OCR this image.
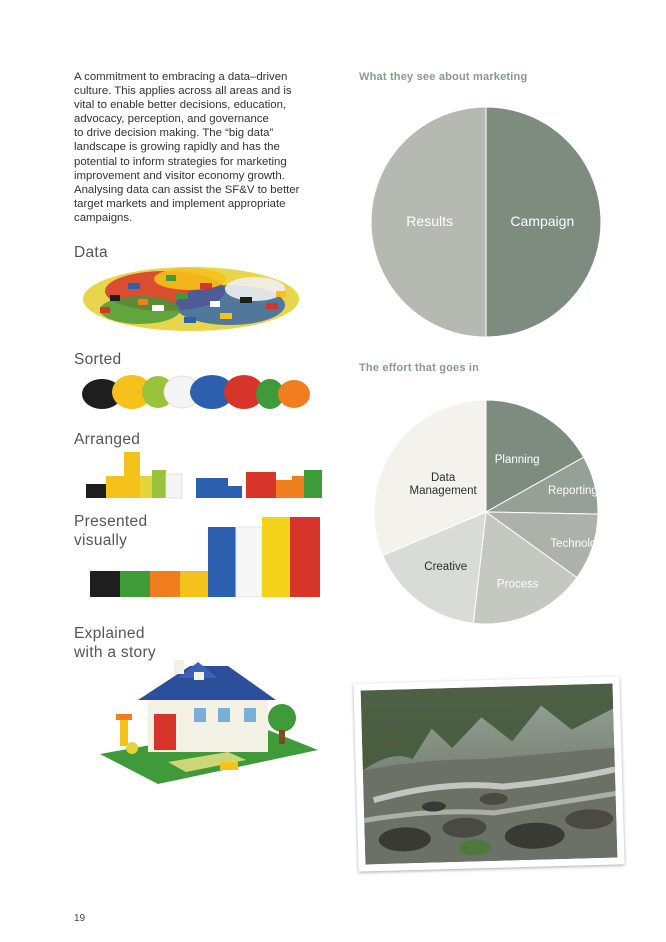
A commitment to embracing a data–driven
culture. This applies across all areas and is
vital to enable better decisions, education,
advocacy, perception, and governance
to drive decision making. The “big data”
landscape is growing rapidly and has the
potential to inform strategies for marketing
improvement and visitor economy growth.
Analysing data can assist the SF&V to better
target markets and implement appropriate
campaigns.

Data
Sorted
Arranged
Presented
visually
Explained
with a story
What they see about marketing
Campaign
Results
The effort that goes in
Planning
Reporting
Technology
Process
Creative
Data
Management

19
